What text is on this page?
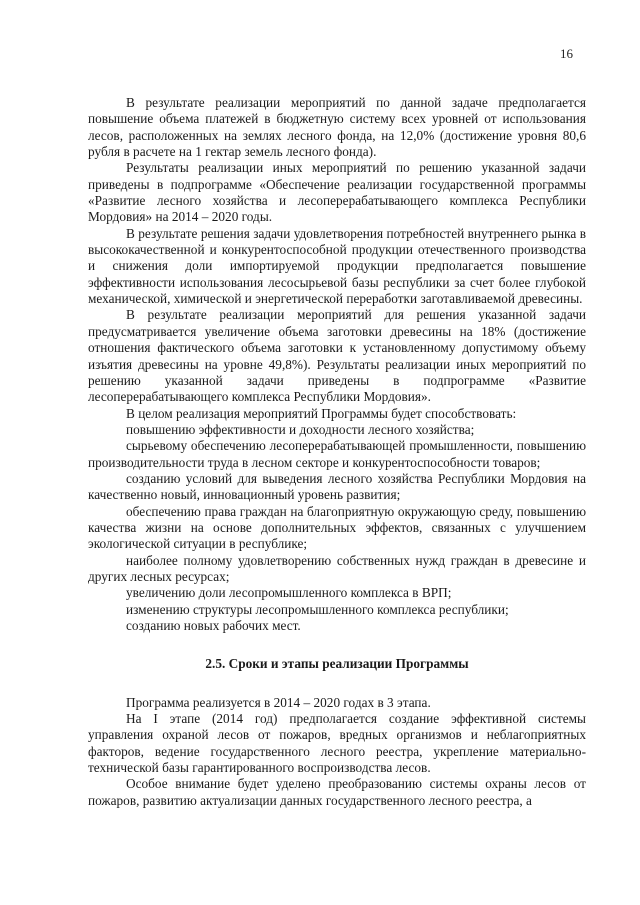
16

В результате реализации мероприятий по данной задаче предполагается повышение объема платежей в бюджетную систему всех уровней от использования лесов, расположенных на землях лесного фонда, на 12,0% (достижение уровня 80,6 рубля в расчете на 1 гектар земель лесного фонда).

Результаты реализации иных мероприятий по решению указанной задачи приведены в подпрограмме «Обеспечение реализации государственной программы «Развитие лесного хозяйства и лесоперерабатывающего комплекса Республики Мордовия» на 2014 – 2020 годы.

В результате решения задачи удовлетворения потребностей внутреннего рынка в высококачественной и конкурентоспособной продукции отечественного производства и снижения доли импортируемой продукции предполагается повышение эффективности использования лесосырьевой базы республики за счет более глубокой механической, химической и энергетической переработки заготавливаемой древесины.

В результате реализации мероприятий для решения указанной задачи предусматривается увеличение объема заготовки древесины на 18% (достижение отношения фактического объема заготовки к установленному допустимому объему изъятия древесины на уровне 49,8%). Результаты реализации иных мероприятий по решению указанной задачи приведены в подпрограмме «Развитие лесоперерабатывающего комплекса Республики Мордовия».

В целом реализация мероприятий Программы будет способствовать:

повышению эффективности и доходности лесного хозяйства;

сырьевому обеспечению лесоперерабатывающей промышленности, повышению производительности труда в лесном секторе и конкурентоспособности товаров;

созданию условий для выведения лесного хозяйства Республики Мордовия на качественно новый, инновационный уровень развития;

обеспечению права граждан на благоприятную окружающую среду, повышению качества жизни на основе дополнительных эффектов, связанных с улучшением экологической ситуации в республике;

наиболее полному удовлетворению собственных нужд граждан в древесине и других лесных ресурсах;

увеличению доли лесопромышленного комплекса в ВРП;

изменению структуры лесопромышленного комплекса республики;

созданию новых рабочих мест.

2.5. Сроки и этапы реализации Программы

Программа реализуется в 2014 – 2020 годах в 3 этапа.

На I этапе (2014 год) предполагается создание эффективной системы управления охраной лесов от пожаров, вредных организмов и неблагоприятных факторов, ведение государственного лесного реестра, укрепление материально-технической базы гарантированного воспроизводства лесов.

Особое внимание будет уделено преобразованию системы охраны лесов от пожаров, развитию актуализации данных государственного лесного реестра, а
